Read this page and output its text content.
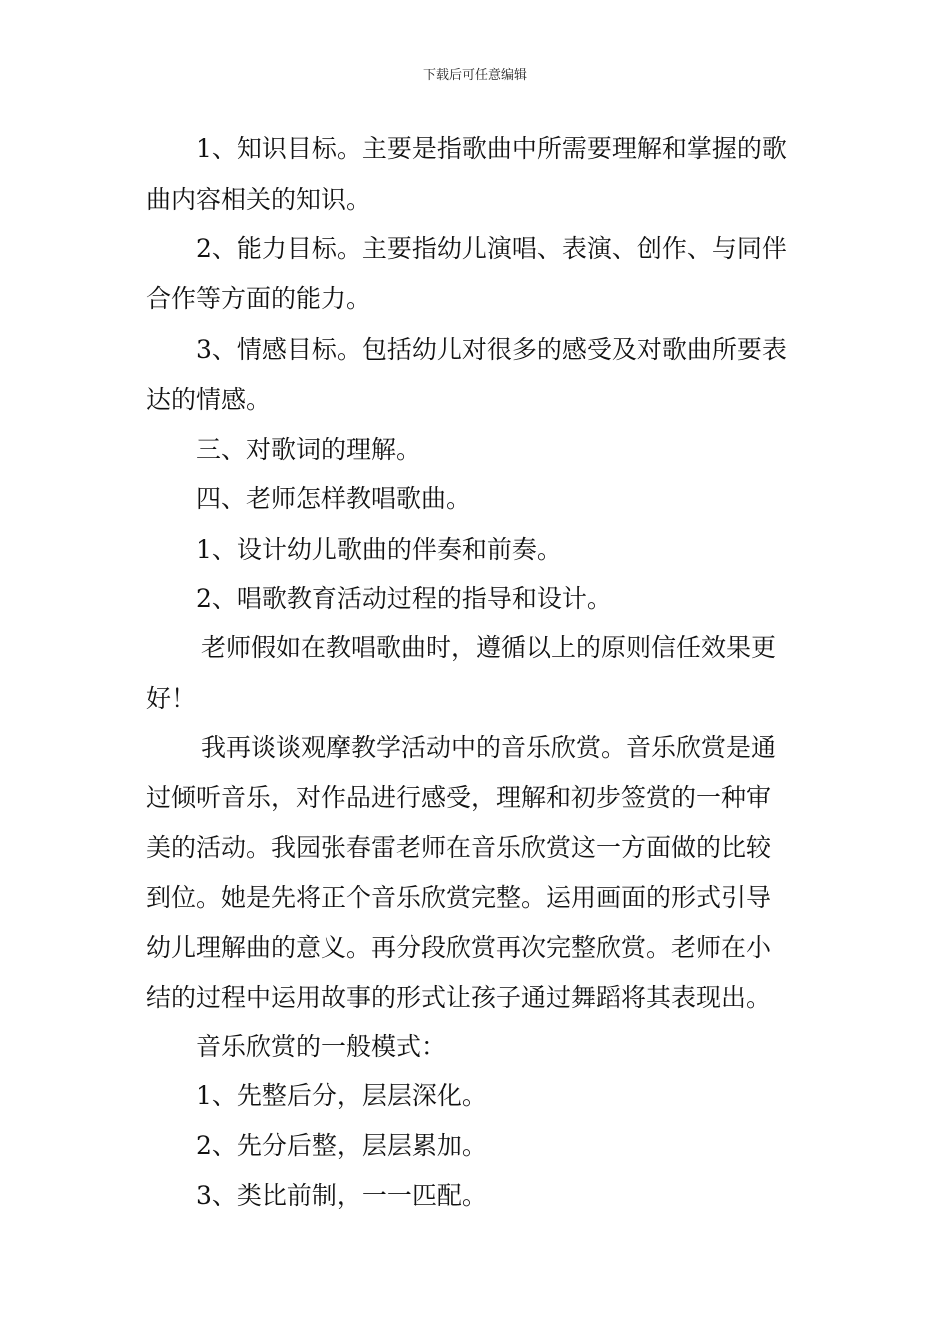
下载后可任意编辑
1、知识目标。主要是指歌曲中所需要理解和掌握的歌
曲内容相关的知识。
2、能力目标。主要指幼儿演唱、表演、创作、与同伴
合作等方面的能力。
3、情感目标。包括幼儿对很多的感受及对歌曲所要表
达的情感。
三、对歌词的理解。
四、老师怎样教唱歌曲。
1、设计幼儿歌曲的伴奏和前奏。
2、唱歌教育活动过程的指导和设计。
老师假如在教唱歌曲时，遵循以上的原则信任效果更
好！
我再谈谈观摩教学活动中的音乐欣赏。音乐欣赏是通
过倾听音乐，对作品进行感受，理解和初步签赏的一种审
美的活动。我园张春雷老师在音乐欣赏这一方面做的比较
到位。她是先将正个音乐欣赏完整。运用画面的形式引导
幼儿理解曲的意义。再分段欣赏再次完整欣赏。老师在小
结的过程中运用故事的形式让孩子通过舞蹈将其表现出。
音乐欣赏的一般模式：
1、先整后分，层层深化。
2、先分后整，层层累加。
3、类比前制，一一匹配。
